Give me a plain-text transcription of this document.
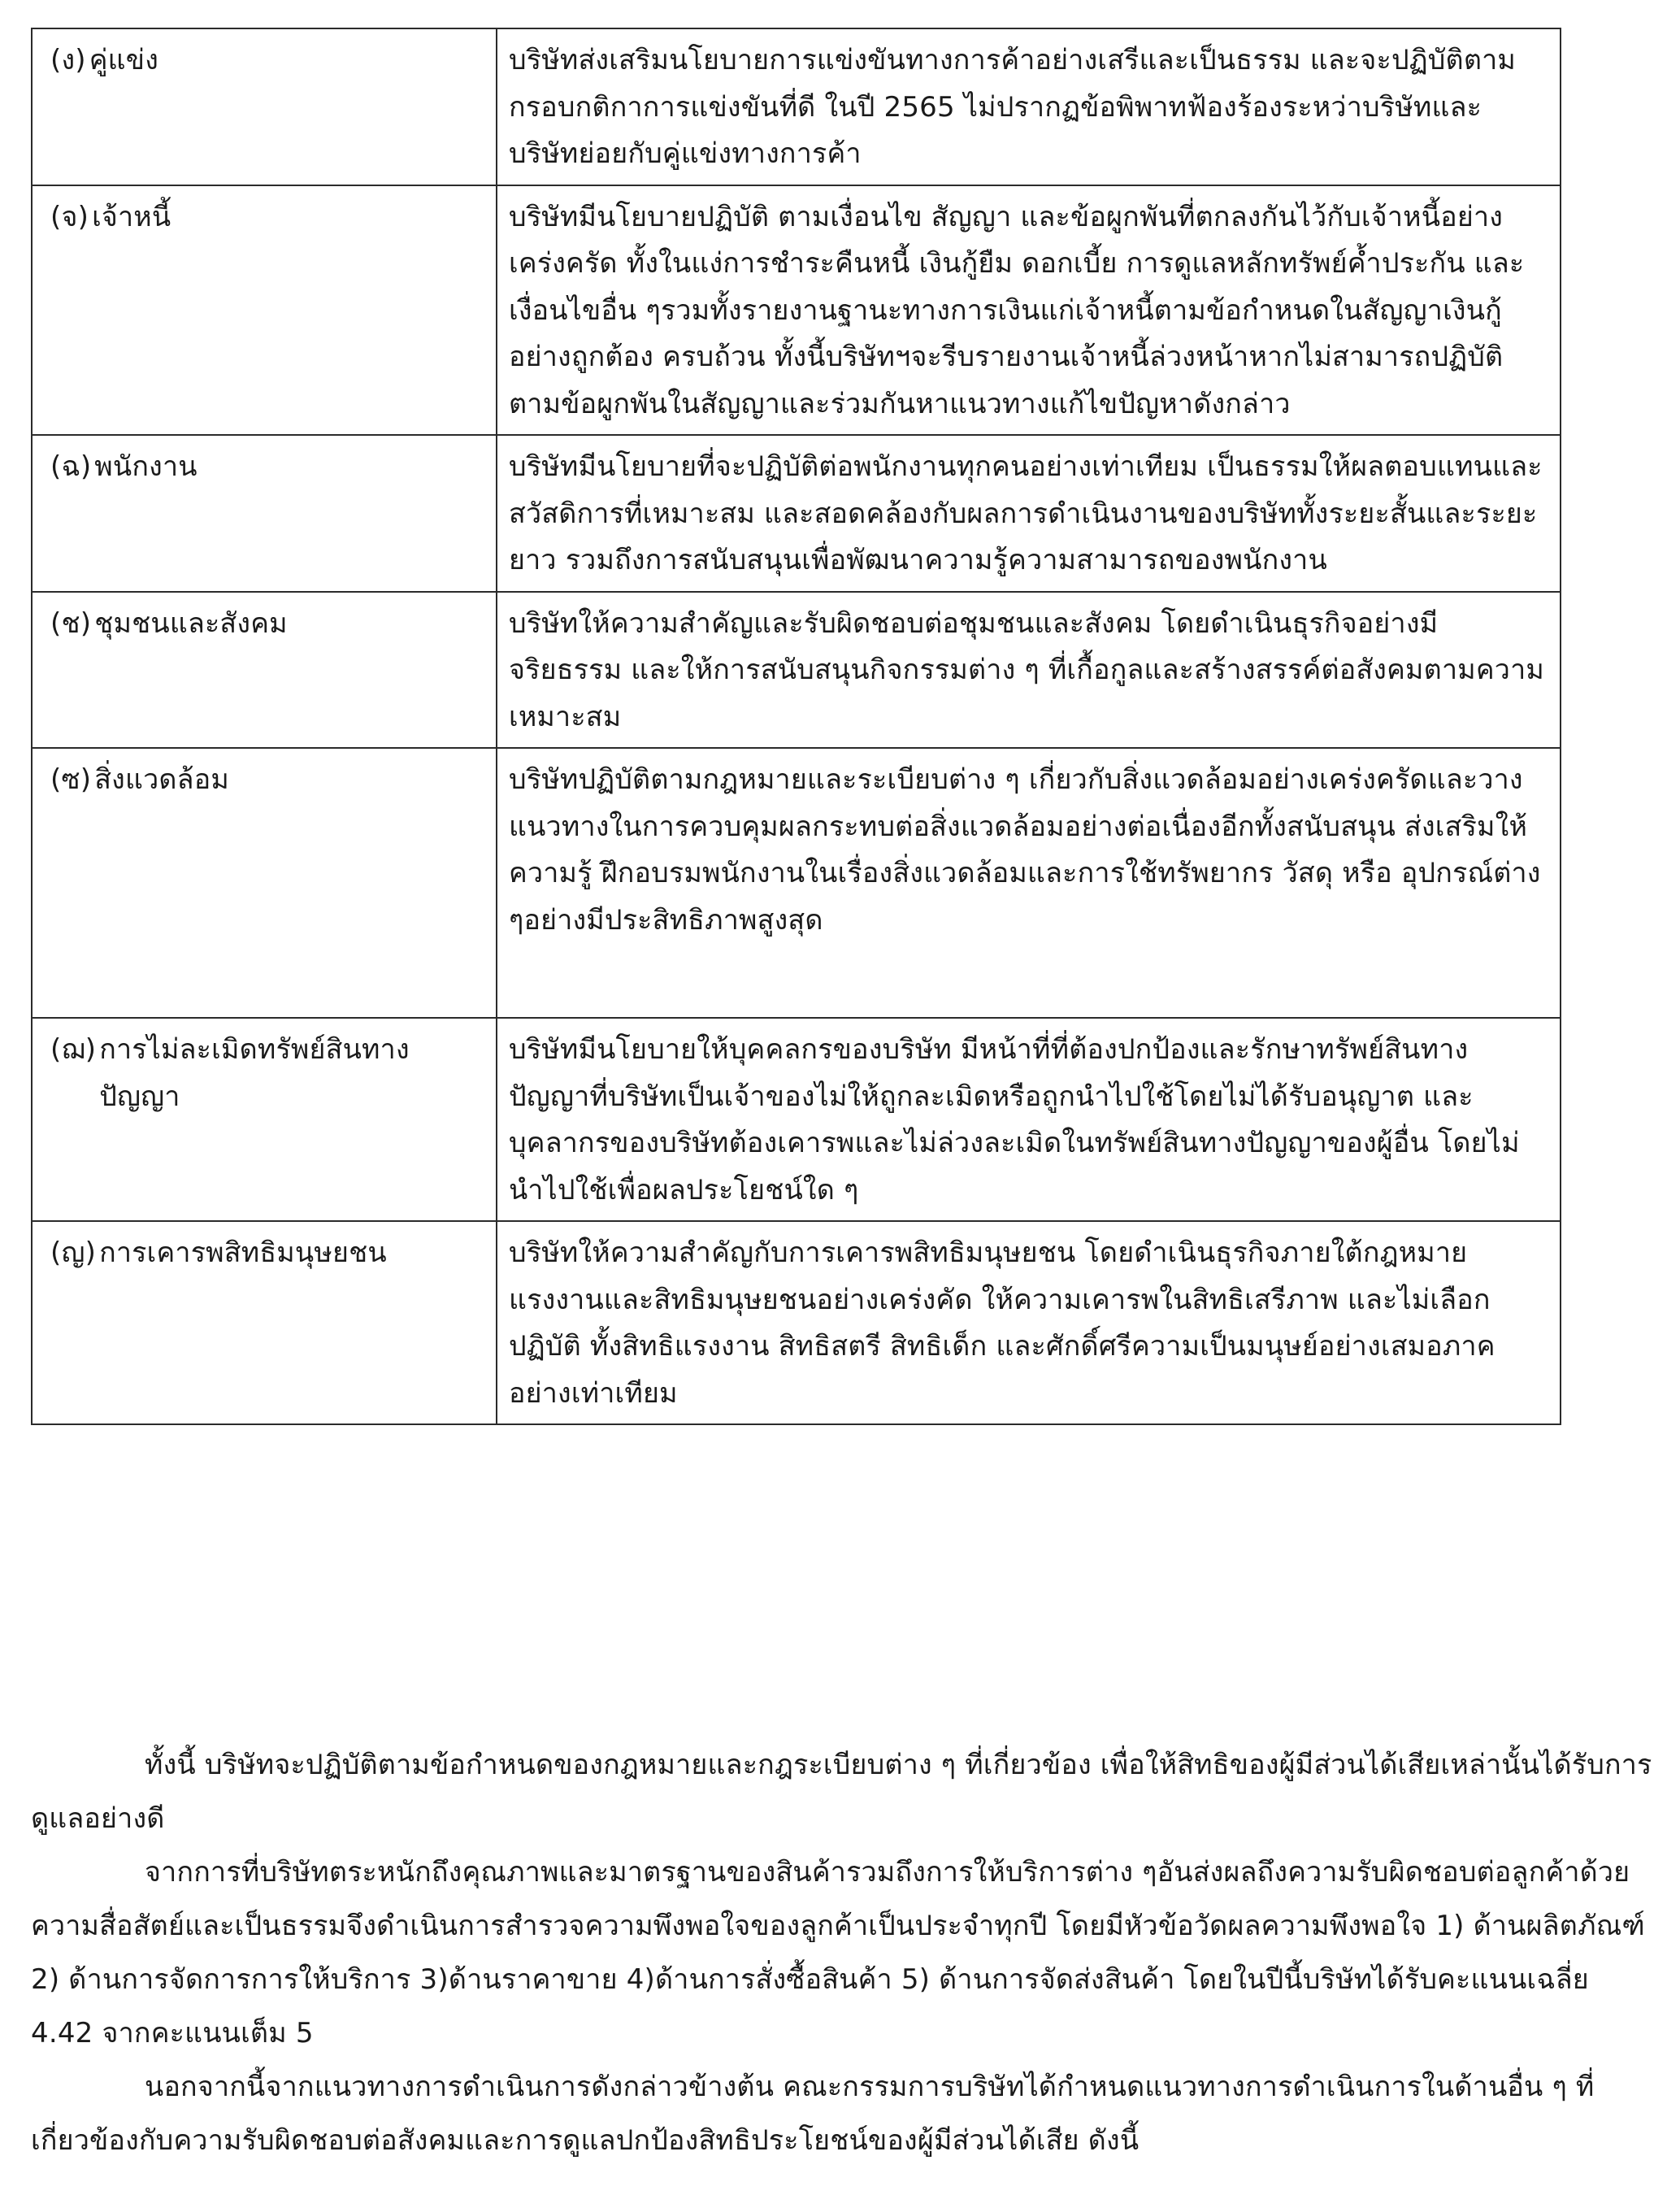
(ง) คู่แข่ง	บริษัทส่งเสริมนโยบายการแข่งขันทางการค้าอย่างเสรีและเป็นธรรม และจะปฏิบัติตามกรอบกติกาการแข่งขันที่ดี ในปี 2565 ไม่ปรากฏข้อพิพาทฟ้องร้องระหว่าบริษัทและบริษัทย่อยกับคู่แข่งทางการค้า

(จ) เจ้าหนี้	บริษัทมีนโยบายปฏิบัติ ตามเงื่อนไข สัญญา และข้อผูกพันที่ตกลงกันไว้กับเจ้าหนี้อย่างเคร่งครัด ทั้งในแง่การชำระคืนหนี้ เงินกู้ยืม ดอกเบี้ย การดูแลหลักทรัพย์ค้ำประกัน และเงื่อนไขอื่น ๆรวมทั้งรายงานฐานะทางการเงินแก่เจ้าหนี้ตามข้อกำหนดในสัญญาเงินกู้อย่างถูกต้อง ครบถ้วน ทั้งนี้บริษัทฯจะรีบรายงานเจ้าหนี้ล่วงหน้าหากไม่สามารถปฏิบัติตามข้อผูกพันในสัญญาและร่วมกันหาแนวทางแก้ไขปัญหาดังกล่าว

(ฉ) พนักงาน	บริษัทมีนโยบายที่จะปฏิบัติต่อพนักงานทุกคนอย่างเท่าเทียม เป็นธรรมให้ผลตอบแทนและสวัสดิการที่เหมาะสม และสอดคล้องกับผลการดำเนินงานของบริษัททั้งระยะสั้นและระยะยาว รวมถึงการสนับสนุนเพื่อพัฒนาความรู้ความสามารถของพนักงาน

(ช) ชุมชนและสังคม	บริษัทให้ความสำคัญและรับผิดชอบต่อชุมชนและสังคม โดยดำเนินธุรกิจอย่างมีจริยธรรม และให้การสนับสนุนกิจกรรมต่าง ๆ ที่เกื้อกูลและสร้างสรรค์ต่อสังคมตามความเหมาะสม

(ซ) สิ่งแวดล้อม	บริษัทปฏิบัติตามกฎหมายและระเบียบต่าง ๆ เกี่ยวกับสิ่งแวดล้อมอย่างเคร่งครัดและวางแนวทางในการควบคุมผลกระทบต่อสิ่งแวดล้อมอย่างต่อเนื่องอีกทั้งสนับสนุน ส่งเสริมให้ความรู้ ฝึกอบรมพนักงานในเรื่องสิ่งแวดล้อมและการใช้ทรัพยากร วัสดุ หรือ อุปกรณ์ต่าง ๆอย่างมีประสิทธิภาพสูงสุด

(ฌ) การไม่ละเมิดทรัพย์สินทางปัญญา	บริษัทมีนโยบายให้บุคคลกรของบริษัท มีหน้าที่ที่ต้องปกป้องและรักษาทรัพย์สินทางปัญญาที่บริษัทเป็นเจ้าของไม่ให้ถูกละเมิดหรือถูกนำไปใช้โดยไม่ได้รับอนุญาต และบุคลากรของบริษัทต้องเคารพและไม่ล่วงละเมิดในทรัพย์สินทางปัญญาของผู้อื่น โดยไม่นำไปใช้เพื่อผลประโยชน์ใด ๆ

(ญ) การเคารพสิทธิมนุษยชน	บริษัทให้ความสำคัญกับการเคารพสิทธิมนุษยชน โดยดำเนินธุรกิจภายใต้กฎหมายแรงงานและสิทธิมนุษยชนอย่างเคร่งคัด ให้ความเคารพในสิทธิเสรีภาพ และไม่เลือกปฏิบัติ ทั้งสิทธิแรงงาน สิทธิสตรี สิทธิเด็ก และศักดิ์ศรีความเป็นมนุษย์อย่างเสมอภาคอย่างเท่าเทียม

ทั้งนี้ บริษัทจะปฏิบัติตามข้อกำหนดของกฎหมายและกฎระเบียบต่าง ๆ ที่เกี่ยวข้อง เพื่อให้สิทธิของผู้มีส่วนได้เสียเหล่านั้นได้รับการดูแลอย่างดี

จากการที่บริษัทตระหนักถึงคุณภาพและมาตรฐานของสินค้ารวมถึงการให้บริการต่าง ๆอันส่งผลถึงความรับผิดชอบต่อลูกค้าด้วยความสื่อสัตย์และเป็นธรรมจึงดำเนินการสำรวจความพึงพอใจของลูกค้าเป็นประจำทุกปี โดยมีหัวข้อวัดผลความพึงพอใจ 1) ด้านผลิตภัณฑ์ 2) ด้านการจัดการการให้บริการ 3)ด้านราคาขาย 4)ด้านการสั่งซื้อสินค้า 5) ด้านการจัดส่งสินค้า โดยในปีนี้บริษัทได้รับคะแนนเฉลี่ย 4.42 จากคะแนนเต็ม 5

นอกจากนี้จากแนวทางการดำเนินการดังกล่าวข้างต้น คณะกรรมการบริษัทได้กำหนดแนวทางการดำเนินการในด้านอื่น ๆ ที่เกี่ยวข้องกับความรับผิดชอบต่อสังคมและการดูแลปกป้องสิทธิประโยชน์ของผู้มีส่วนได้เสีย ดังนี้
